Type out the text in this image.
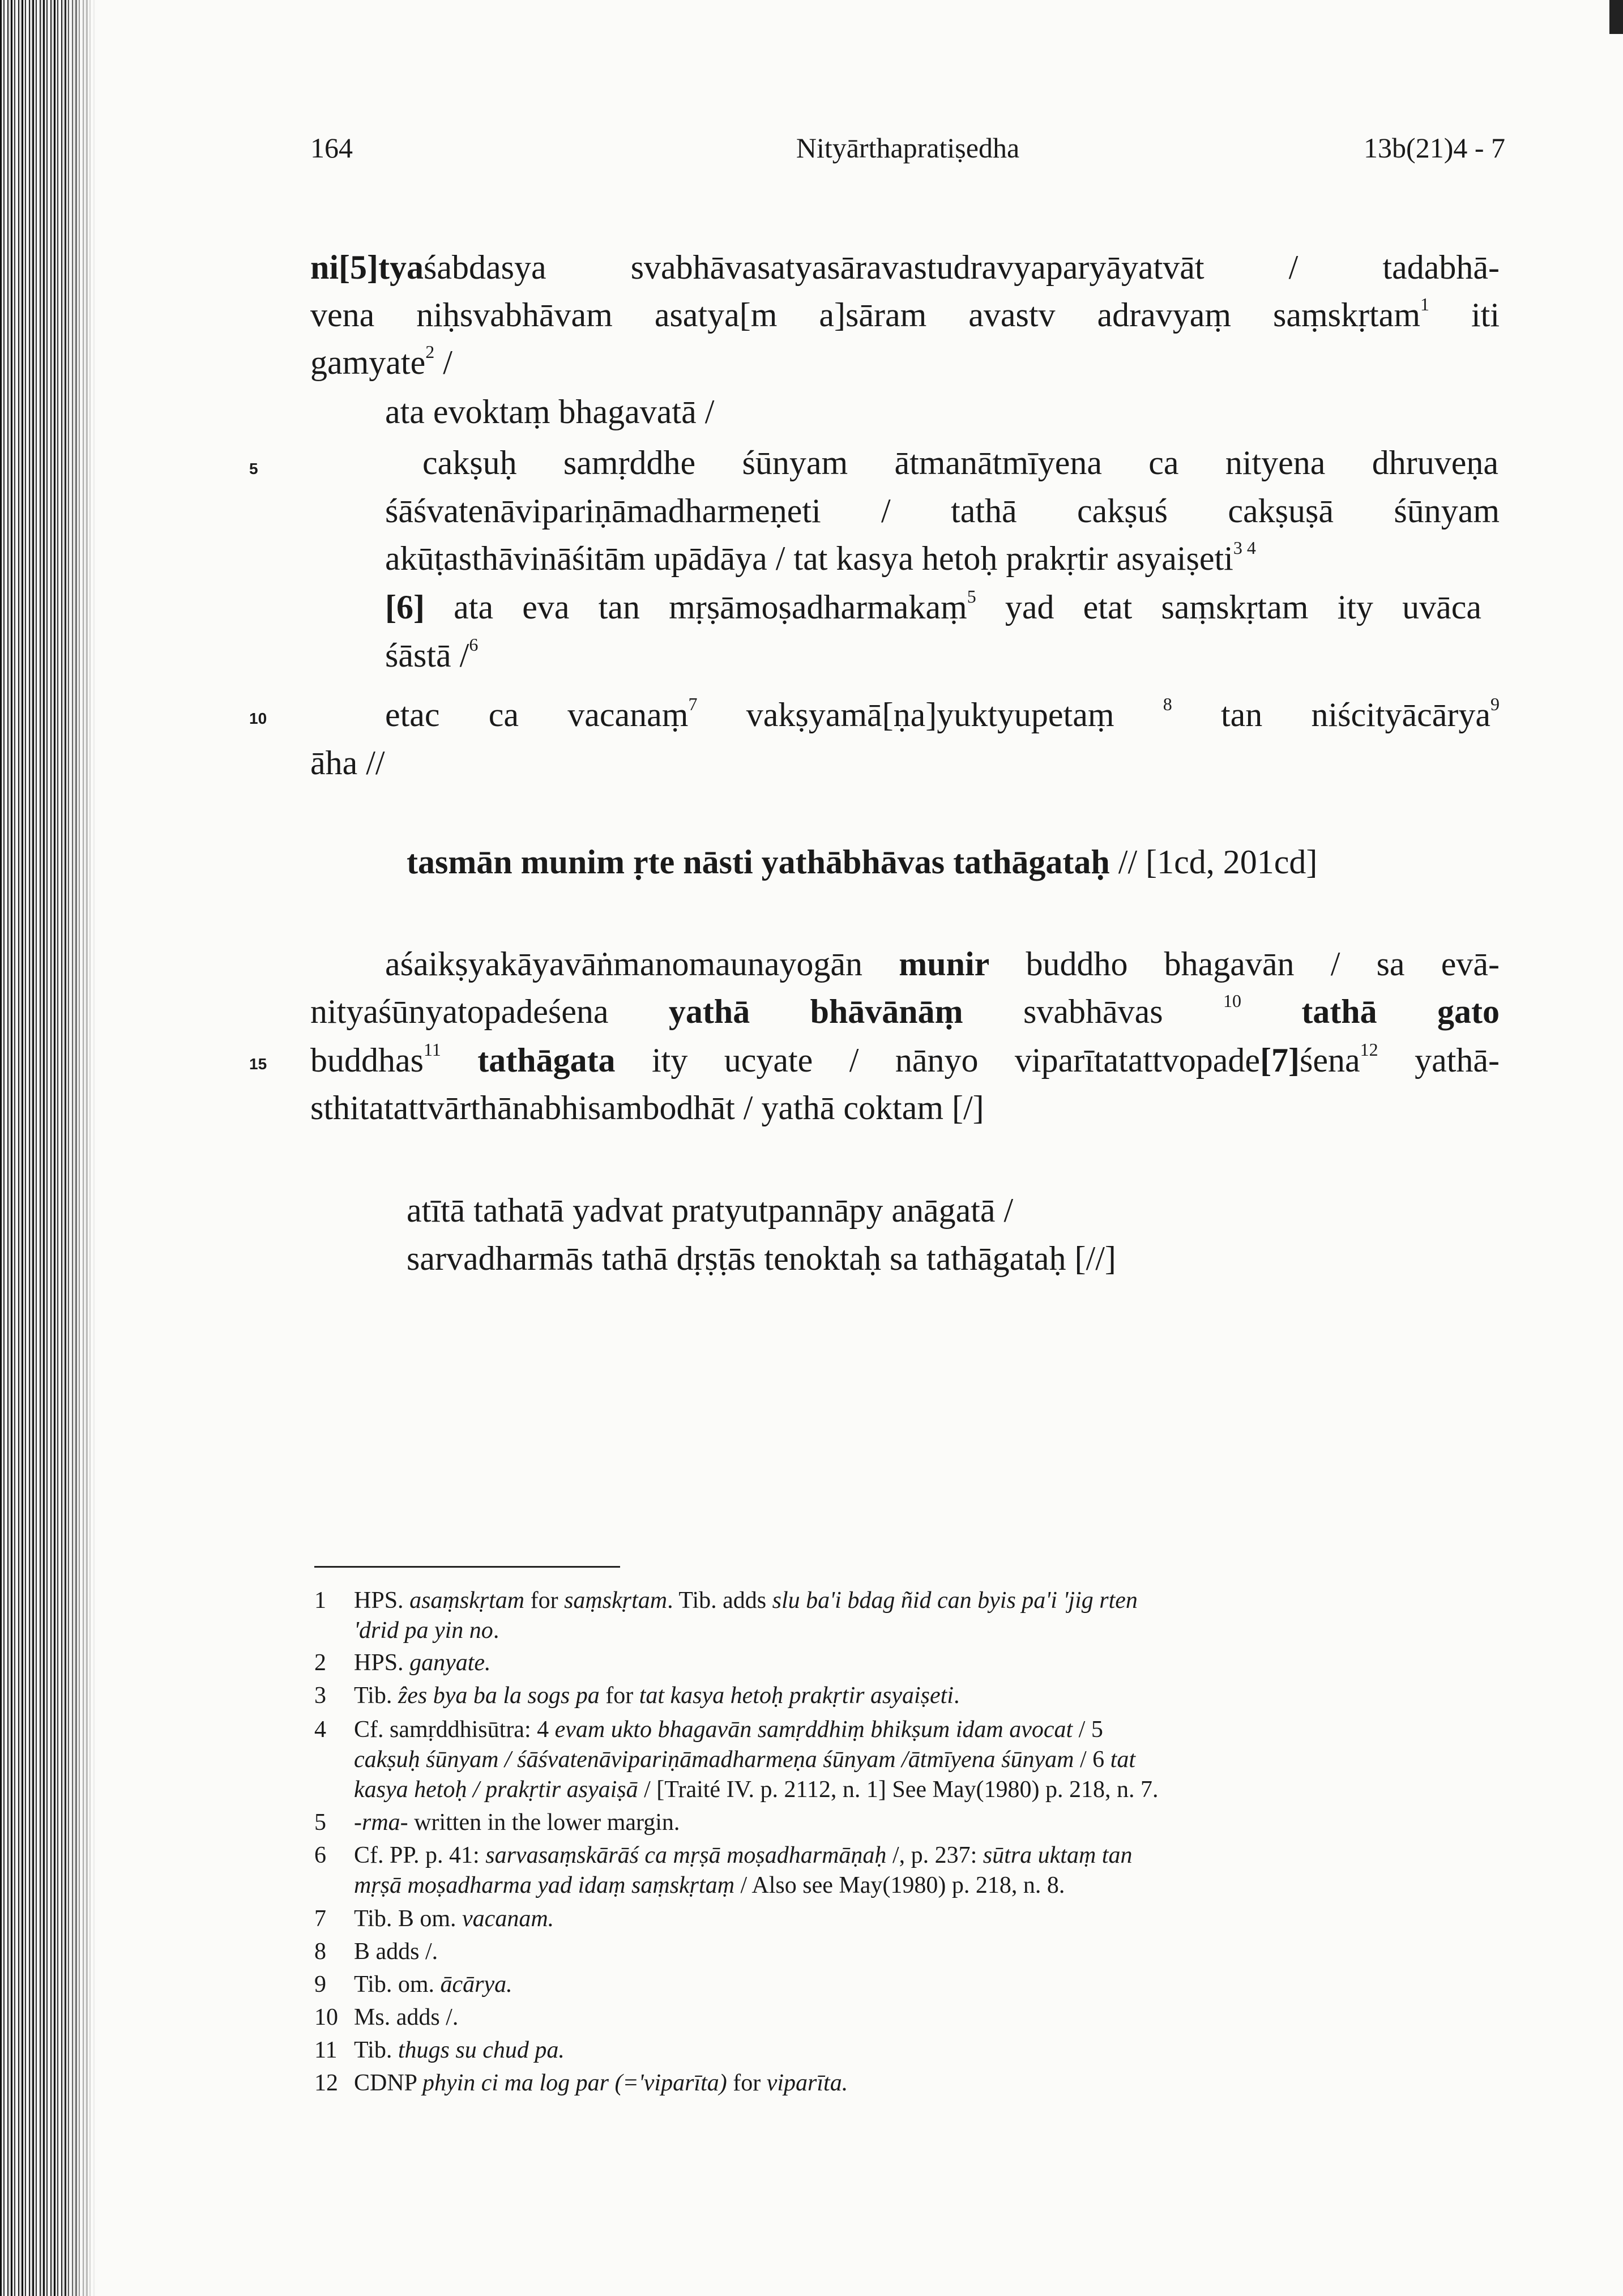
164	Nityārthapratiṣedha	13b(21)4 - 7
5
10
15
ni[5]tyaśabdasya svabhāvasatyasāravastudravyaparyāyatvāt / tadabhā-
vena niḥsvabhāvam asatya[m a]sāram avastv adravyaṃ saṃskṛtam$^1$ iti
gamyate$^2$ /
ata evoktaṃ bhagavatā /
cakṣuḥ samṛddhe śūnyam ātmanātmīyena ca nityena dhruveṇa
śāśvatenāvipariṇāmadharmeṇeti / tathā cakṣuś cakṣuṣā śūnyam
akūṭasthāvināśitām upādāya / tat kasya hetoḥ prakṛtir asyaiṣeti$^{3 4}$
[6] ata eva tan mṛṣāmoṣadharmakaṃ$^5$ yad etat saṃskṛtam ity uvāca
śāstā /$^6$
etac ca vacanaṃ$^7$ vakṣyamā[ṇa]yuktyupetaṃ $^8$ tan niścityācārya$^9$
āha //
tasmān munim ṛte nāsti yathābhāvas tathāgataḥ // [1cd, 201cd]
aśaikṣyakāyavāṅmanomaunayogān munir buddho bhagavān / sa evā-
nityaśūnyatopadeśena yathā bhāvānāṃ svabhāvas $^{10}$ tathā gato
buddhas$^{11}$ tathāgata ity ucyate / nānyo viparītatattvopade[7]śena$^{12}$ yathā-
sthitatattvārthānabhisambodhāt / yathā coktam [/]
atītā tathatā yadvat pratyutpannāpy anāgatā /
sarvadharmās tathā dṛṣṭās tenoktaḥ sa tathāgataḥ [//]
1	HPS. asaṃskṛtam for saṃskṛtam. Tib. adds slu ba'i bdag ñid can byis pa'i 'jig rten
'drid pa yin no.
2	HPS. ganyate.
3	Tib. ẑes bya ba la sogs pa for tat kasya hetoḥ prakṛtir asyaiṣeti.
4	Cf. samṛddhisūtra: 4 evam ukto bhagavān samṛddhiṃ bhikṣum idam avocat / 5
cakṣuḥ śūnyam / śāśvatenāvipariṇāmadharmeṇa śūnyam /ātmīyena śūnyam / 6 tat
kasya hetoḥ / prakṛtir asyaiṣā / [Traité IV. p. 2112, n. 1] See May(1980) p. 218, n. 7.
5	-rma- written in the lower margin.
6	Cf. PP. p. 41: sarvasaṃskārāś ca mṛṣā moṣadharmāṇaḥ /, p. 237: sūtra uktaṃ tan
mṛṣā moṣadharma yad idaṃ saṃskṛtaṃ / Also see May(1980) p. 218, n. 8.
7	Tib. B om. vacanam.
8	B adds /.
9	Tib. om. ācārya.
10 Ms. adds /.
11 Tib. thugs su chud pa.
12 CDNP phyin ci ma log par (='viparīta) for viparīta.
